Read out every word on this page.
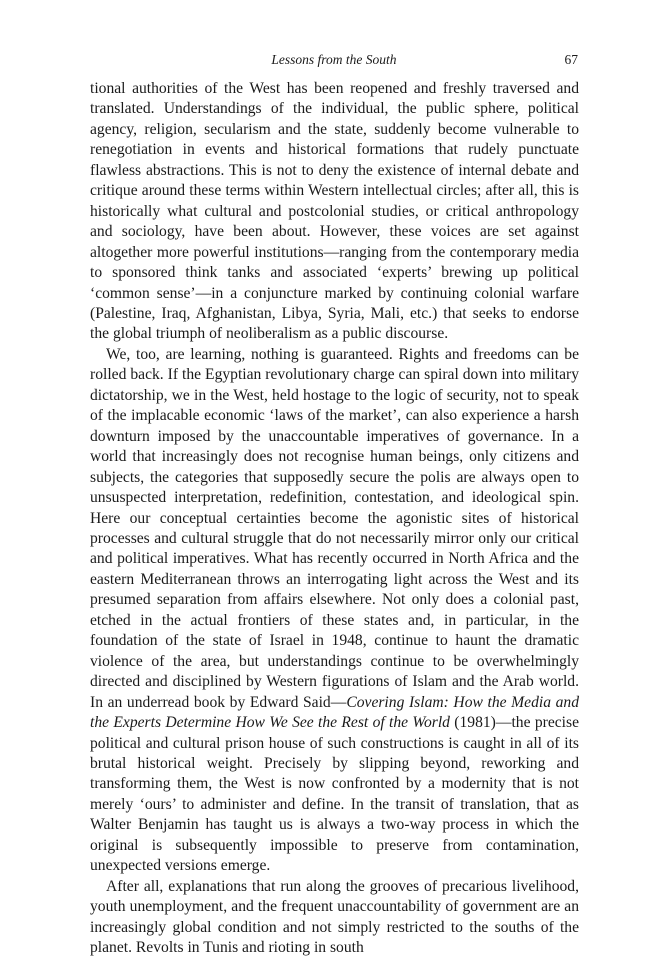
Lessons from the South	67

tional authorities of the West has been reopened and freshly traversed and translated. Understandings of the individual, the public sphere, political agency, religion, secularism and the state, suddenly become vulnerable to renegotiation in events and historical formations that rudely punctuate flawless abstractions. This is not to deny the existence of internal debate and critique around these terms within Western intellectual circles; after all, this is historically what cultural and postcolonial studies, or critical anthropology and sociology, have been about. However, these voices are set against altogether more powerful institutions—ranging from the contemporary media to sponsored think tanks and associated ‘experts’ brewing up political ‘common sense’—in a conjuncture marked by continuing colonial warfare (Palestine, Iraq, Afghanistan, Libya, Syria, Mali, etc.) that seeks to endorse the global triumph of neoliberalism as a public discourse.

We, too, are learning, nothing is guaranteed. Rights and freedoms can be rolled back. If the Egyptian revolutionary charge can spiral down into military dictatorship, we in the West, held hostage to the logic of security, not to speak of the implacable economic ‘laws of the market’, can also experience a harsh downturn imposed by the unaccountable imperatives of governance. In a world that increasingly does not recognise human beings, only citizens and subjects, the categories that supposedly secure the polis are always open to unsuspected interpretation, redefinition, contestation, and ideological spin. Here our conceptual certainties become the agonistic sites of historical processes and cultural struggle that do not necessarily mirror only our critical and political imperatives. What has recently occurred in North Africa and the eastern Mediterranean throws an interrogating light across the West and its presumed separation from affairs elsewhere. Not only does a colonial past, etched in the actual frontiers of these states and, in particular, in the foundation of the state of Israel in 1948, continue to haunt the dramatic violence of the area, but understandings continue to be overwhelmingly directed and disciplined by Western figurations of Islam and the Arab world. In an underread book by Edward Said—Covering Islam: How the Media and the Experts Determine How We See the Rest of the World (1981)—the precise political and cultural prison house of such constructions is caught in all of its brutal historical weight. Precisely by slipping beyond, reworking and transforming them, the West is now confronted by a modernity that is not merely ‘ours’ to administer and define. In the transit of translation, that as Walter Benjamin has taught us is always a two-way process in which the original is subsequently impossible to preserve from contamination, unexpected versions emerge.

After all, explanations that run along the grooves of precarious livelihood, youth unemployment, and the frequent unaccountability of government are an increasingly global condition and not simply restricted to the souths of the planet. Revolts in Tunis and rioting in south
